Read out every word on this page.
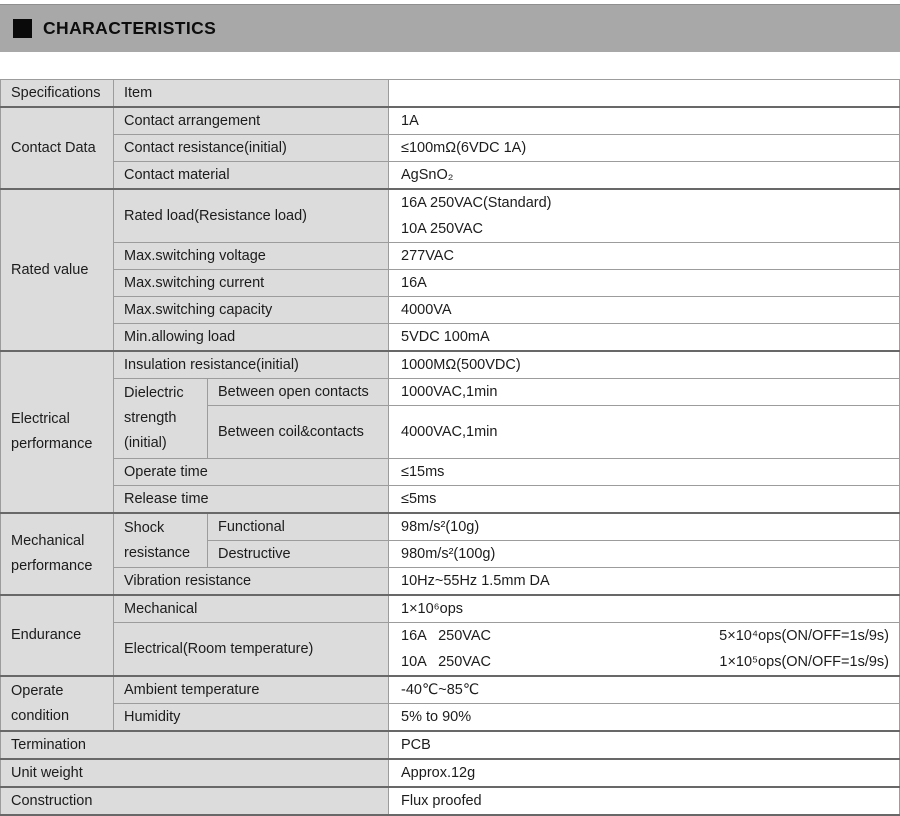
CHARACTERISTICS
Specifications	Item		
Contact Data	Contact arrangement		1A
	Contact resistance(initial)		≤100mΩ(6VDC 1A)
	Contact material		AgSnO₂
Rated value	Rated load(Resistance load)		16A 250VAC(Standard)
10A 250VAC

	Max.switching voltage		277VAC
	Max.switching current		16A
	Max.switching capacity		4000VA
	Min.allowing load		5VDC 100mA
Electrical performance	Insulation resistance(initial)		1000MΩ(500VDC)
	Dielectric strength (initial)	Between open contacts	1000VAC,1min
		Between coil&contacts	4000VAC,1min
	Operate time		≤15ms
	Release time		≤5ms
Mechanical performance	Shock resistance	Functional	98m/s²(10g)
		Destructive	980m/s²(100g)
	Vibration resistance		10Hz~55Hz 1.5mm DA
Endurance	Mechanical		1×10⁶ops
	Electrical(Room temperature)		16A   250VAC 5×10⁴ops(ON/OFF=1s/9s)
10A   250VAC 1×10⁵ops(ON/OFF=1s/9s)

Operate condition	Ambient temperature		-40℃~85℃
	Humidity		5% to 90%
Termination			PCB
Unit weight			Approx.12g
Construction			Flux proofed
